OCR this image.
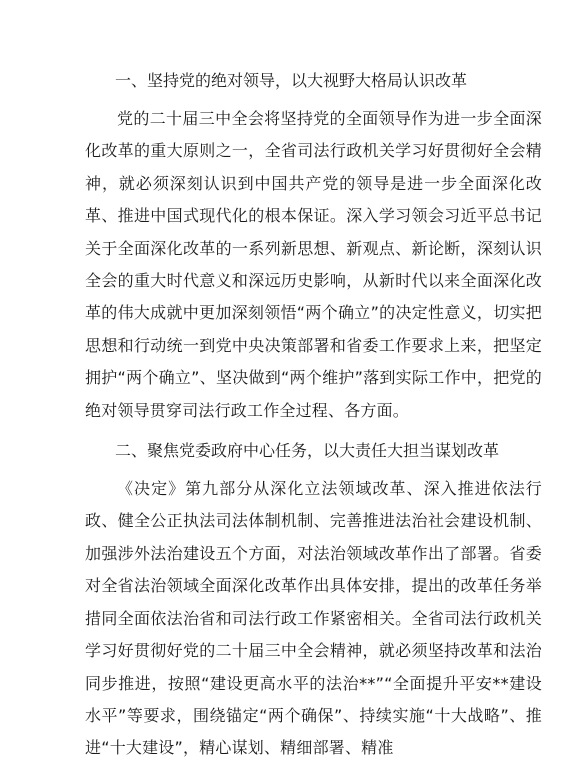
一、坚持党的绝对领导，以大视野大格局认识改革

党的二十届三中全会将坚持党的全面领导作为进一步全面深化改革的重大原则之一，全省司法行政机关学习好贯彻好全会精神，就必须深刻认识到中国共产党的领导是进一步全面深化改革、推进中国式现代化的根本保证。深入学习领会习近平总书记关于全面深化改革的一系列新思想、新观点、新论断，深刻认识全会的重大时代意义和深远历史影响，从新时代以来全面深化改革的伟大成就中更加深刻领悟“两个确立”的决定性意义，切实把思想和行动统一到党中央决策部署和省委工作要求上来，把坚定拥护“两个确立”、坚决做到“两个维护”落到实际工作中，把党的绝对领导贯穿司法行政工作全过程、各方面。

二、聚焦党委政府中心任务，以大责任大担当谋划改革

《决定》第九部分从深化立法领域改革、深入推进依法行政、健全公正执法司法体制机制、完善推进法治社会建设机制、加强涉外法治建设五个方面，对法治领域改革作出了部署。省委对全省法治领域全面深化改革作出具体安排，提出的改革任务举措同全面依法治省和司法行政工作紧密相关。全省司法行政机关学习好贯彻好党的二十届三中全会精神，就必须坚持改革和法治同步推进，按照“建设更高水平的法治**”“全面提升平安**建设水平”等要求，围绕锚定“两个确保”、持续实施“十大战略”、推进“十大建设”，精心谋划、精细部署、精准
